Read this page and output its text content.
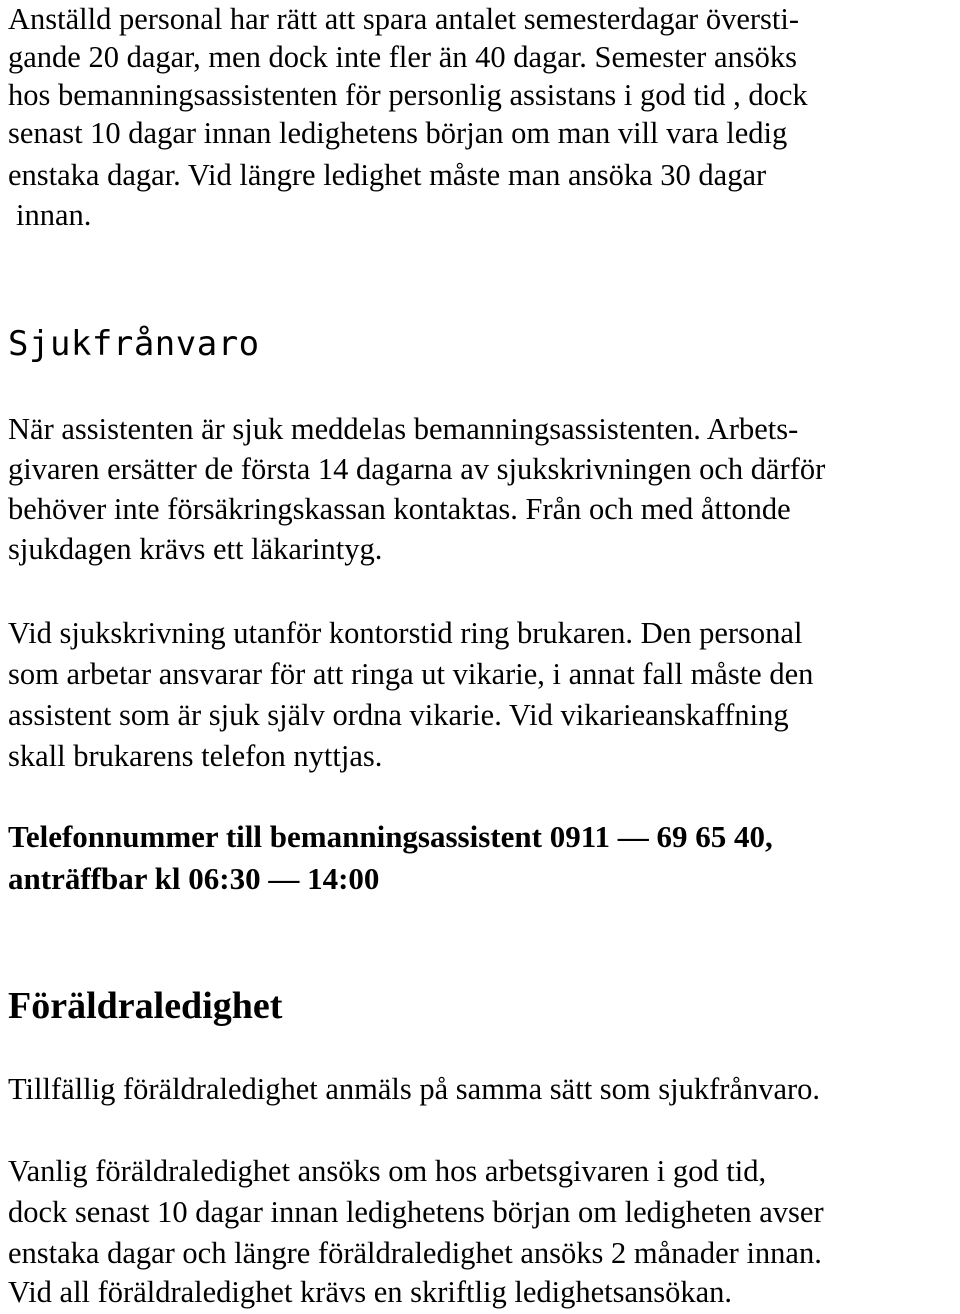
Anställd personal har rätt att spara antalet semesterdagar översti-
gande 20 dagar, men dock inte fler än 40 dagar. Semester ansöks
hos bemanningsassistenten för personlig assistans i god tid , dock
senast 10 dagar innan ledighetens början om man vill vara ledig
enstaka dagar. Vid längre ledighet måste man ansöka 30 dagar
innan.
Sjukfrånvaro
När assistenten är sjuk meddelas bemanningsassistenten. Arbets-
givaren ersätter de första 14 dagarna av sjukskrivningen och därför
behöver inte försäkringskassan kontaktas. Från och med åttonde
sjukdagen krävs ett läkarintyg.
Vid sjukskrivning utanför kontorstid ring brukaren. Den personal
som arbetar ansvarar för att ringa ut vikarie, i annat fall måste den
assistent som är sjuk själv ordna vikarie. Vid vikarieanskaffning
skall brukarens telefon nyttjas.
Telefonnummer till bemanningsassistent 0911 — 69 65 40,
anträffbar kl 06:30 — 14:00
Föräldraledighet
Tillfällig föräldraledighet anmäls på samma sätt som sjukfrånvaro.
Vanlig föräldraledighet ansöks om hos arbetsgivaren i god tid,
dock senast 10 dagar innan ledighetens början om ledigheten avser
enstaka dagar och längre föräldraledighet ansöks 2 månader innan.
Vid all föräldraledighet krävs en skriftlig ledighetsansökan.
